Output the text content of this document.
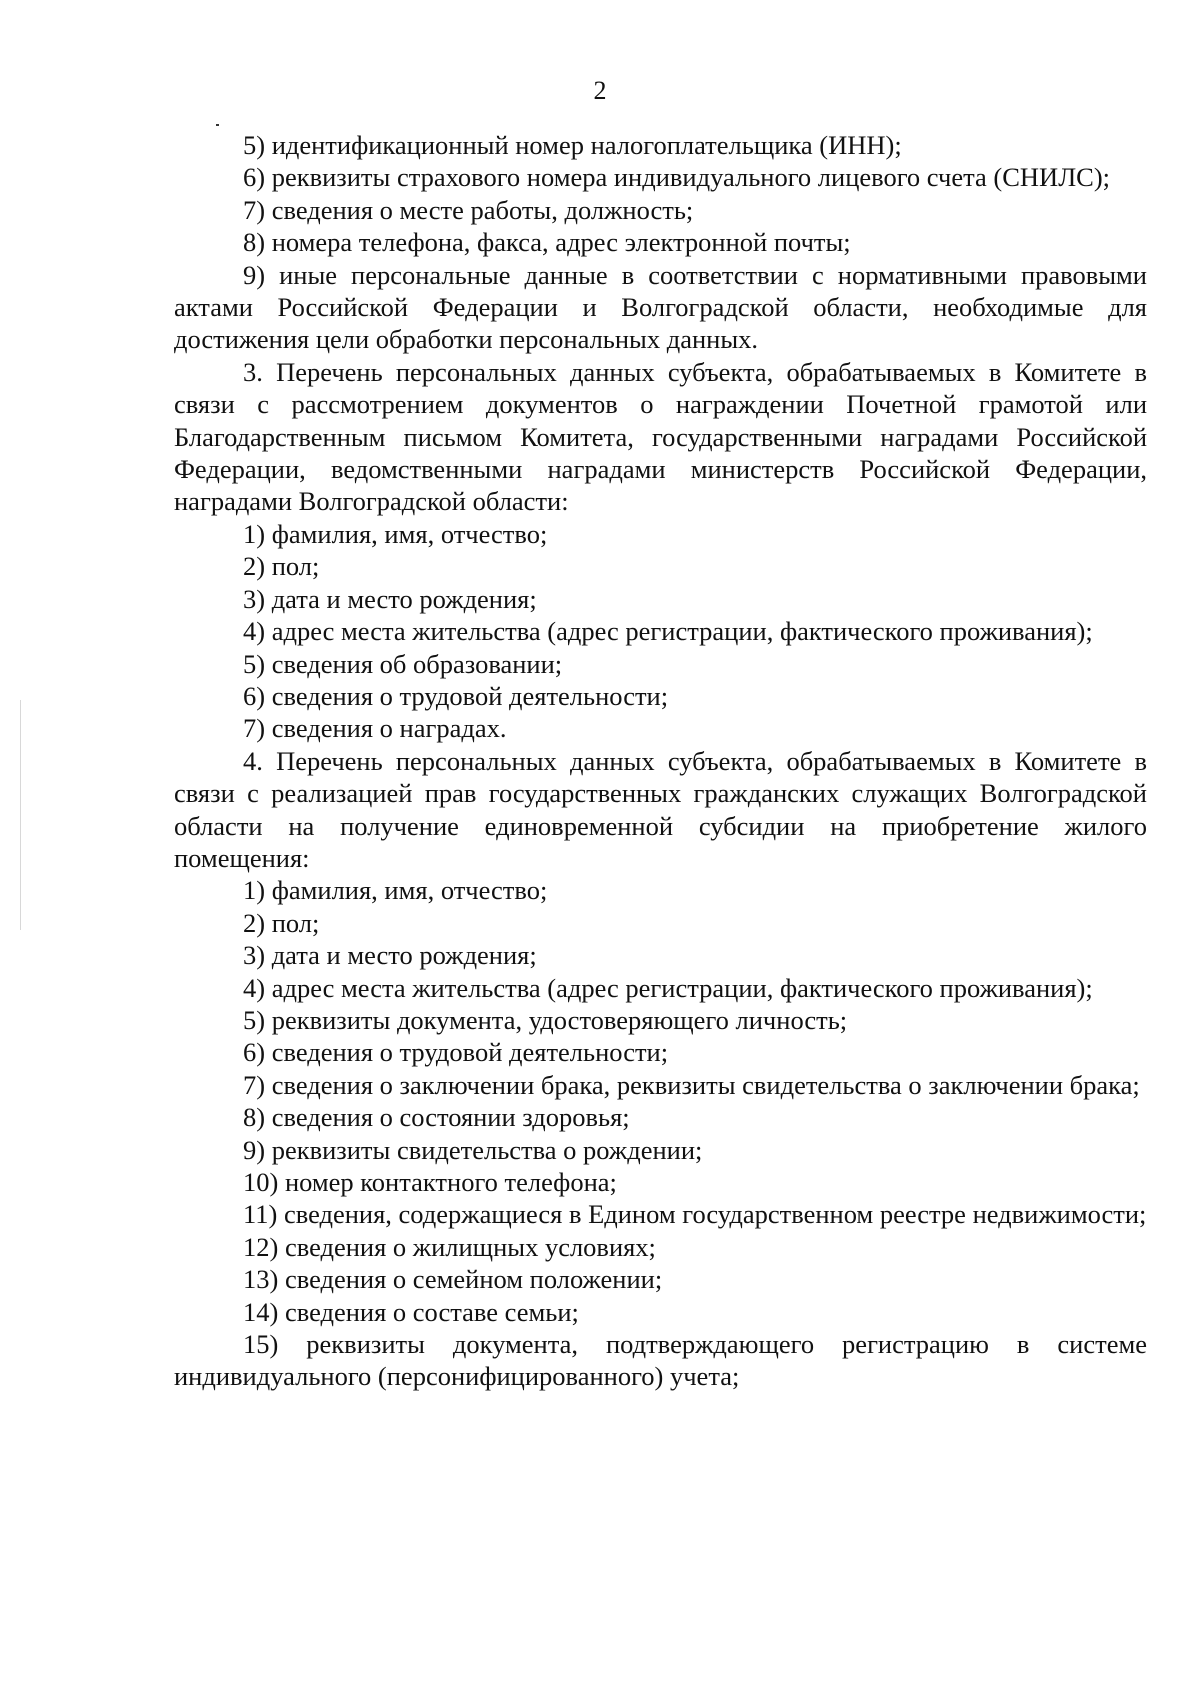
2

5) идентификационный номер налогоплательщика (ИНН);

6) реквизиты страхового номера индивидуального лицевого счета (СНИЛС);

7) сведения о месте работы, должность;

8) номера телефона, факса, адрес электронной почты;

9) иные персональные данные в соответствии с нормативными правовыми актами Российской Федерации и Волгоградской области, необходимые для достижения цели обработки персональных данных.

3. Перечень персональных данных субъекта, обрабатываемых в Комитете в связи с рассмотрением документов о награждении Почетной грамотой или Благодарственным письмом Комитета, государственными наградами Российской Федерации, ведомственными наградами министерств Российской Федерации, наградами Волгоградской области:

1) фамилия, имя, отчество;

2) пол;

3) дата и место рождения;

4) адрес места жительства (адрес регистрации, фактического проживания);

5) сведения об образовании;

6) сведения о трудовой деятельности;

7) сведения о наградах.

4. Перечень персональных данных субъекта, обрабатываемых в Комитете в связи с реализацией прав государственных гражданских служащих Волгоградской области на получение единовременной субсидии на приобретение жилого помещения:

1) фамилия, имя, отчество;

2) пол;

3) дата и место рождения;

4) адрес места жительства (адрес регистрации, фактического проживания);

5) реквизиты документа, удостоверяющего личность;

6) сведения о трудовой деятельности;

7) сведения о заключении брака, реквизиты свидетельства о заключении брака;

8) сведения о состоянии здоровья;

9) реквизиты свидетельства о рождении;

10) номер контактного телефона;

11) сведения, содержащиеся в Едином государственном реестре недвижимости;

12) сведения о жилищных условиях;

13) сведения о семейном положении;

14) сведения о составе семьи;

15) реквизиты документа, подтверждающего регистрацию в системе индивидуального (персонифицированного) учета;
